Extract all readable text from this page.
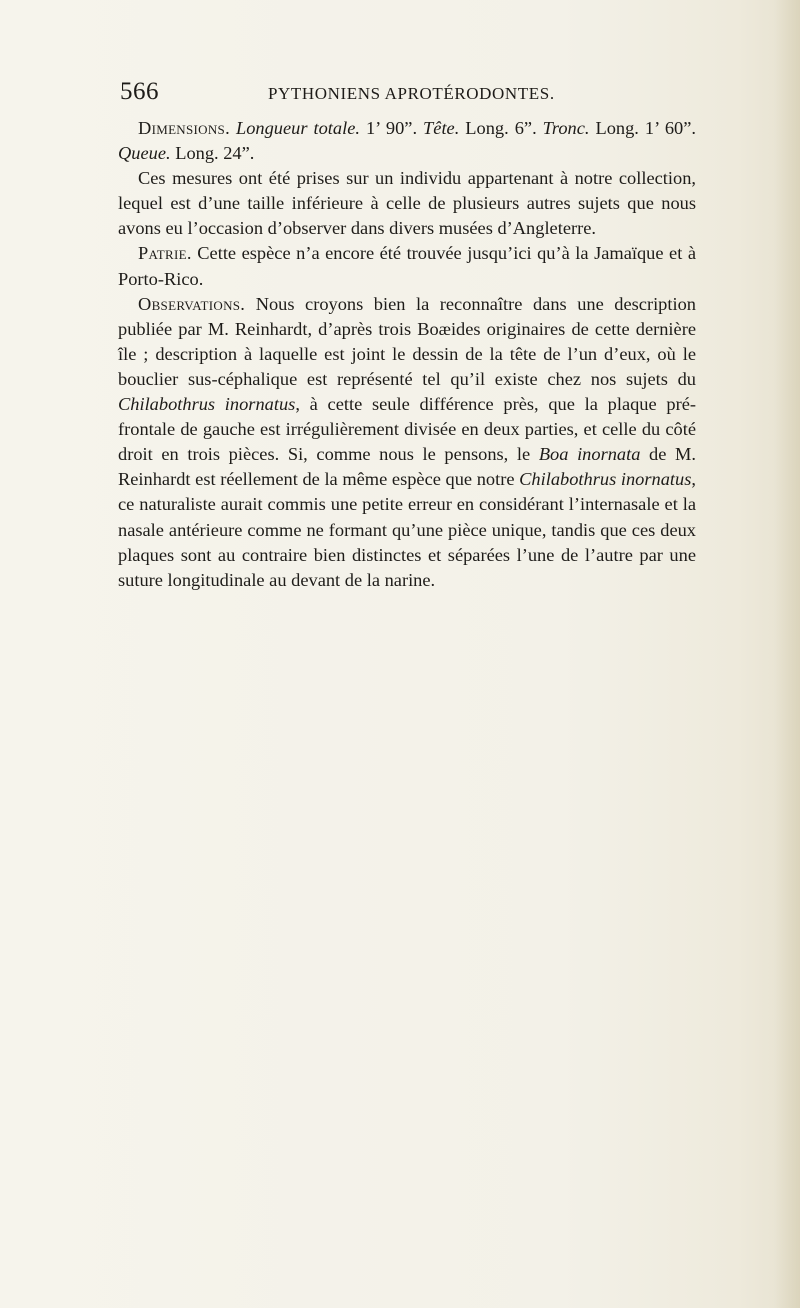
566	PYTHONIENS APROTÉRODONTES.

Dimensions. Longueur totale. 1’ 90”. Tête. Long. 6”. Tronc. Long. 1’ 60”. Queue. Long. 24”.

Ces mesures ont été prises sur un individu appartenant à notre collection, lequel est d’une taille inférieure à celle de plusieurs autres sujets que nous avons eu l’occasion d’observer dans divers musées d’Angleterre.

Patrie. Cette espèce n’a encore été trouvée jusqu’ici qu’à la Jamaïque et à Porto-Rico.

Observations. Nous croyons bien la reconnaître dans une description publiée par M. Reinhardt, d’après trois Boæides originaires de cette dernière île ; description à laquelle est joint le dessin de la tête de l’un d’eux, où le bouclier sus-céphalique est représenté tel qu’il existe chez nos sujets du Chilabothrus inornatus, à cette seule différence près, que la plaque pré-frontale de gauche est irrégulièrement divisée en deux parties, et celle du côté droit en trois pièces. Si, comme nous le pensons, le Boa inornata de M. Reinhardt est réellement de la même espèce que notre Chilabothrus inornatus, ce naturaliste aurait commis une petite erreur en considérant l’internasale et la nasale antérieure comme ne formant qu’une pièce unique, tandis que ces deux plaques sont au contraire bien distinctes et séparées l’une de l’autre par une suture longitudinale au devant de la narine.
